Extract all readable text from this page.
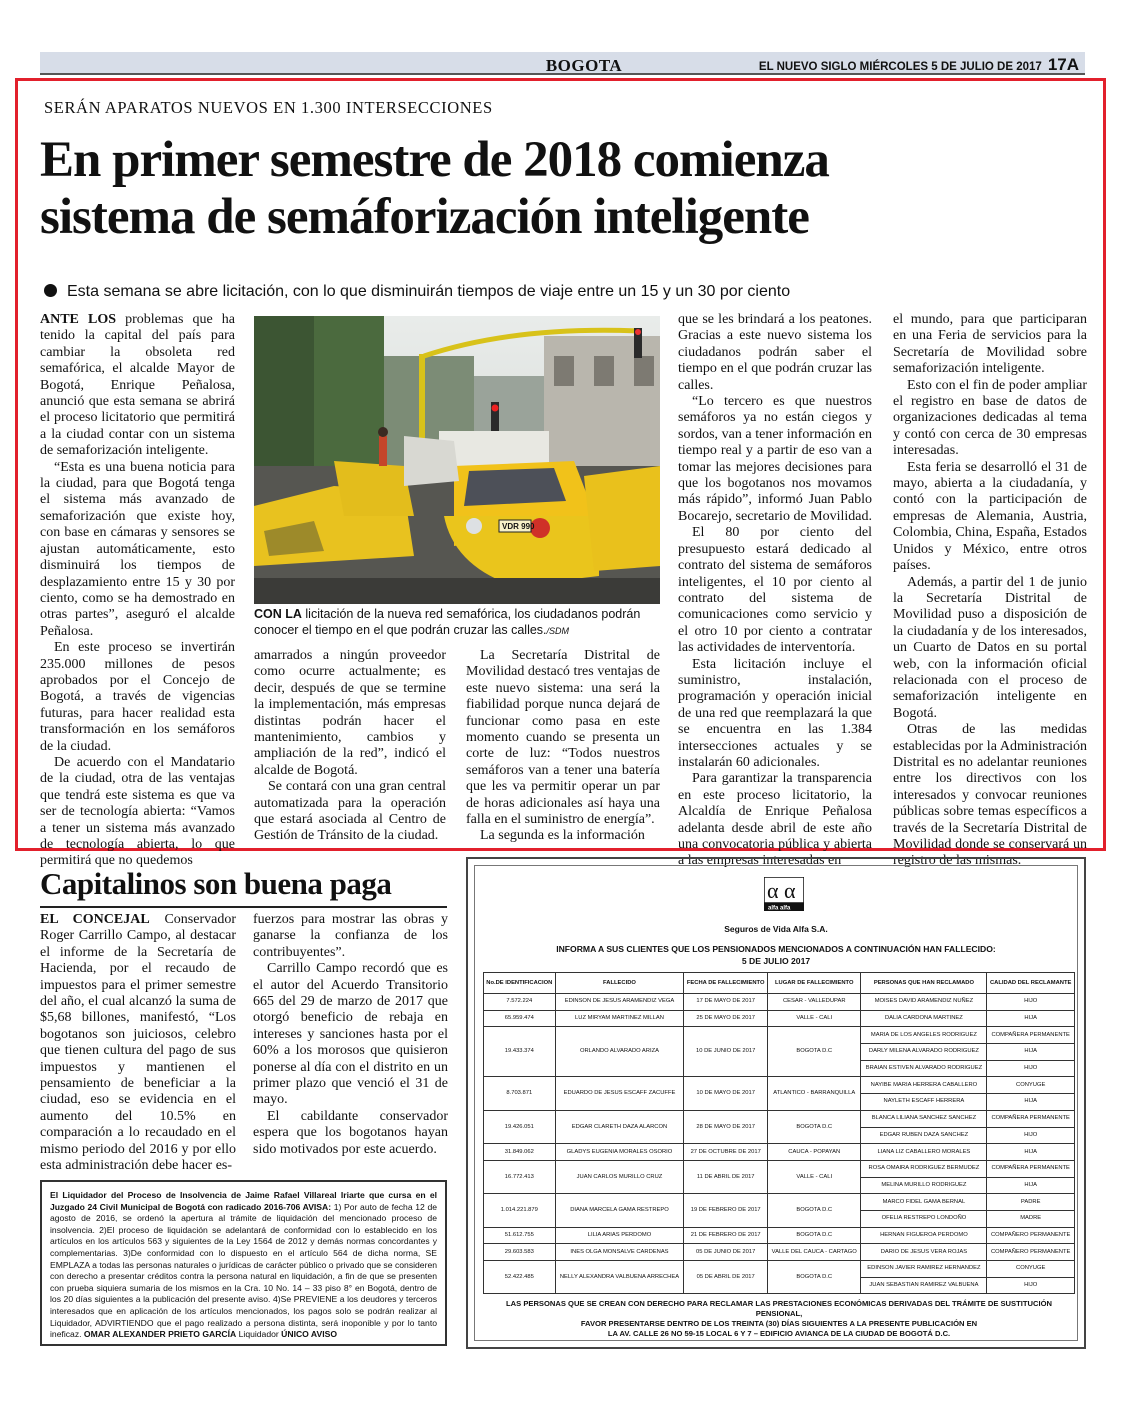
BOGOTA	EL NUEVO SIGLO MIÉRCOLES 5 DE JULIO DE 2017 17A
SERÁN APARATOS NUEVOS EN 1.300 INTERSECCIONES
En primer semestre de 2018 comienza
sistema de semáforización inteligente
Esta semana se abre licitación, con lo que disminuirán tiempos de viaje entre un 15 y un 30 por ciento
VDR 990
CON LA licitación de la nueva red semafórica, los ciudadanos podrán conocer el tiempo en el que podrán cruzar las calles./SDM

ANTE LOS problemas que ha tenido la capital del país para cambiar la obsoleta red semafórica, el alcalde Mayor de Bogotá, Enrique Peñalosa, anunció que esta semana se abrirá el proceso licitatorio que permitirá a la ciudad contar con un sistema de semaforización inteligente.

“Esta es una buena noticia para la ciudad, para que Bogotá tenga el sistema más avanzado de semaforización que existe hoy, con base en cámaras y sensores se ajustan automáticamente, esto disminuirá los tiempos de desplazamiento entre 15 y 30 por ciento, como se ha demostrado en otras partes”, aseguró el alcalde Peñalosa.

En este proceso se invertirán 235.000 millones de pesos aprobados por el Concejo de Bogotá, a través de vigencias futuras, para hacer realidad esta transformación en los semáforos de la ciudad.

De acuerdo con el Mandatario de la ciudad, otra de las ventajas que tendrá este sistema es que va ser de tecnología abierta: “Vamos a tener un sistema más avanzado de tecnología abierta, lo que permitirá que no quedemos

amarrados a ningún proveedor como ocurre actualmente; es decir, después de que se termine la implementación, más empresas distintas podrán hacer el mantenimiento, cambios y ampliación de la red”, indicó el alcalde de Bogotá.

Se contará con una gran central automatizada para la operación que estará asociada al Centro de Gestión de Tránsito de la ciudad.

La Secretaría Distrital de Movilidad destacó tres ventajas de este nuevo sistema: una será la fiabilidad porque nunca dejará de funcionar como pasa en este momento cuando se presenta un corte de luz: “Todos nuestros semáforos van a tener una batería que les va permitir operar un par de horas adicionales así haya una falla en el suministro de energía”.

La segunda es la información

que se les brindará a los peatones. Gracias a este nuevo sistema los ciudadanos podrán saber el tiempo en el que podrán cruzar las calles.

“Lo tercero es que nuestros semáforos ya no están ciegos y sordos, van a tener información en tiempo real y a partir de eso van a tomar las mejores decisiones para que los bogotanos nos movamos más rápido”, informó Juan Pablo Bocarejo, secretario de Movilidad.

El 80 por ciento del presupuesto estará dedicado al contrato del sistema de semáforos inteligentes, el 10 por ciento al contrato del sistema de comunicaciones como servicio y el otro 10 por ciento a contratar las actividades de interventoría.

Esta licitación incluye el suministro, instalación, programación y operación inicial de una red que reemplazará la que se encuentra en las 1.384 intersecciones actuales y se instalarán 60 adicionales.

Para garantizar la transparencia en este proceso licitatorio, la Alcaldía de Enrique Peñalosa adelanta desde abril de este año una convocatoria pública y abierta a las empresas interesadas en

el mundo, para que participaran en una Feria de servicios para la Secretaría de Movilidad sobre semaforización inteligente.

Esto con el fin de poder ampliar el registro en base de datos de organizaciones dedicadas al tema y contó con cerca de 30 empresas interesadas.

Esta feria se desarrolló el 31 de mayo, abierta a la ciudadanía, y contó con la participación de empresas de Alemania, Austria, Colombia, China, España, Estados Unidos y México, entre otros países.

Además, a partir del 1 de junio la Secretaría Distrital de Movilidad puso a disposición de la ciudadanía y de los interesados, un Cuarto de Datos en su portal web, con la información oficial relacionada con el proceso de semaforización inteligente en Bogotá.

Otras de las medidas establecidas por la Administración Distrital es no adelantar reuniones entre los directivos con los interesados y convocar reuniones públicas sobre temas específicos a través de la Secretaría Distrital de Movilidad donde se conservará un registro de las mismas.

Capitalinos son buena paga

EL CONCEJAL Conservador Roger Carrillo Campo, al destacar el informe de la Secretaría de Hacienda, por el recaudo de impuestos para el primer semestre del año, el cual alcanzó la suma de $5,68 billones, manifestó, “Los bogotanos son juiciosos, celebro que tienen cultura del pago de sus impuestos y mantienen el pensamiento de beneficiar a la ciudad, eso se evidencia en el aumento del 10.5% en comparación a lo recaudado en el mismo periodo del 2016 y por ello esta administración debe hacer es-

fuerzos para mostrar las obras y ganarse la confianza de los contribuyentes”.

Carrillo Campo recordó que es el autor del Acuerdo Transitorio 665 del 29 de marzo de 2017 que otorgó beneficio de rebaja en intereses y sanciones hasta por el 60% a los morosos que quisieron ponerse al día con el distrito en un primer plazo que venció el 31 de mayo.

El cabildante conservador espera que los bogotanos hayan sido motivados por este acuerdo.

El Liquidador del Proceso de Insolvencia de Jaime Rafael Villareal Iriarte que cursa en el Juzgado 24 Civil Municipal de Bogotá con radicado 2016-706 AVISA: 1) Por auto de fecha 12 de agosto de 2016, se ordenó la apertura al trámite de liquidación del mencionado proceso de insolvencia. 2)El proceso de liquidación se adelantará de conformidad con lo establecido en los artículos en los artículos 563 y siguientes de la Ley 1564 de 2012 y demás normas concordantes y complementarias. 3)De conformidad con lo dispuesto en el artículo 564 de dicha norma, SE EMPLAZA a todas las personas naturales o jurídicas de carácter público o privado que se consideren con derecho a presentar créditos contra la persona natural en liquidación, a fin de que se presenten con prueba siquiera sumaria de los mismos en la Cra. 10 No. 14 – 33 piso 8° en Bogotá, dentro de los 20 días siguientes a la publicación del presente aviso. 4)Se PREVIENE a los deudores y terceros interesados que en aplicación de los artículos mencionados, los pagos solo se podrán realizar al Liquidador, ADVIRTIENDO que el pago realizado a persona distinta, será inoponible y por lo tanto ineficaz. OMAR ALEXANDER PRIETO GARCÍA Liquidador ÚNICO AVISO
α α
alfa alfa
Seguros de Vida Alfa S.A.
INFORMA A SUS CLIENTES QUE LOS PENSIONADOS MENCIONADOS A CONTINUACIÓN HAN FALLECIDO:
5 DE JULIO 2017
No.DE IDENTIFICACION	FALLECIDO	FECHA DE FALLECIMIENTO	LUGAR DE FALLECIMIENTO	PERSONAS QUE HAN RECLAMADO	CALIDAD DEL RECLAMANTE
7.572.224	EDINSON DE JESUS ARAMENDIZ VEGA	17 DE MAYO DE 2017	CESAR - VALLEDUPAR	MOISES DAVID ARAMENDIZ NUÑEZ	HIJO
65.959.474	LUZ MIRYAM MARTINEZ MILLAN	25 DE MAYO DE 2017	VALLE - CALI	DALIA CARDONA MARTINEZ	HIJA
19.433.374	ORLANDO ALVARADO ARIZA	10 DE JUNIO DE 2017	BOGOTA D.C	MARIA DE LOS ANGELES RODRIGUEZ	COMPAÑERA PERMANENTE
				DARLY MILENA ALVARADO RODRIGUEZ	HIJA
				BRAIAN ESTIVEN ALVARADO RODRIGUEZ	HIJO
8.703.871	EDUARDO DE JESUS ESCAFF ZACUFFE	10 DE MAYO DE 2017	ATLANTICO - BARRANQUILLA	NAYIBE MARIA HERRERA CABALLERO	CONYUGE
				NAYLETH ESCAFF HERRERA	HIJA
19.426.051	EDGAR CLARETH DAZA ALARCON	28 DE MAYO DE 2017	BOGOTA D.C	BLANCA LILIANA SANCHEZ SANCHEZ	COMPAÑERA PERMANENTE
				EDGAR RUBEN DAZA SANCHEZ	HIJO
31.849.062	GLADYS EUGENIA MORALES OSORIO	27 DE OCTUBRE DE 2017	CAUCA - POPAYAN	LIANA LIZ CABALLERO MORALES	HIJA
16.772.413	JUAN CARLOS MURILLO CRUZ	11 DE ABRIL DE 2017	VALLE - CALI	ROSA OMAIRA RODRIGUEZ BERMUDEZ	COMPAÑERA PERMANENTE
				MELINA MURILLO RODRIGUEZ	HIJA
1.014.221.879	DIANA MARCELA GAMA RESTREPO	19 DE FEBRERO DE 2017	BOGOTA D.C	MARCO FIDEL GAMA BERNAL	PADRE
				OFELIA RESTREPO LONDOÑO	MADRE
51.612.755	LILIA ARIAS PERDOMO	21 DE FEBRERO DE 2017	BOGOTA D.C	HERNAN FIGUEROA PERDOMO	COMPAÑERO PERMANENTE
29.603.583	INES OLGA MONSALVE CARDENAS	05 DE JUNIO DE 2017	VALLE DEL CAUCA - CARTAGO	DARIO DE JESUS VERA ROJAS	COMPAÑERO PERMANENTE
52.422.485	NELLY ALEXANDRA VALBUENA ARRECHEA	05 DE ABRIL DE 2017	BOGOTA D.C	EDINSON JAVIER RAMIREZ HERNANDEZ	CONYUGE
				JUAN SEBASTIAN RAMIREZ VALBUENA	HIJO
LAS PERSONAS QUE SE CREAN CON DERECHO PARA RECLAMAR LAS PRESTACIONES ECONÓMICAS DERIVADAS DEL TRÁMITE DE SUSTITUCIÓN PENSIONAL,
FAVOR PRESENTARSE DENTRO DE LOS TREINTA (30) DÍAS SIGUIENTES A LA PRESENTE PUBLICACIÓN EN
LA AV. CALLE 26 NO 59-15 LOCAL 6 Y 7 – EDIFICIO AVIANCA DE LA CIUDAD DE BOGOTÁ D.C.
